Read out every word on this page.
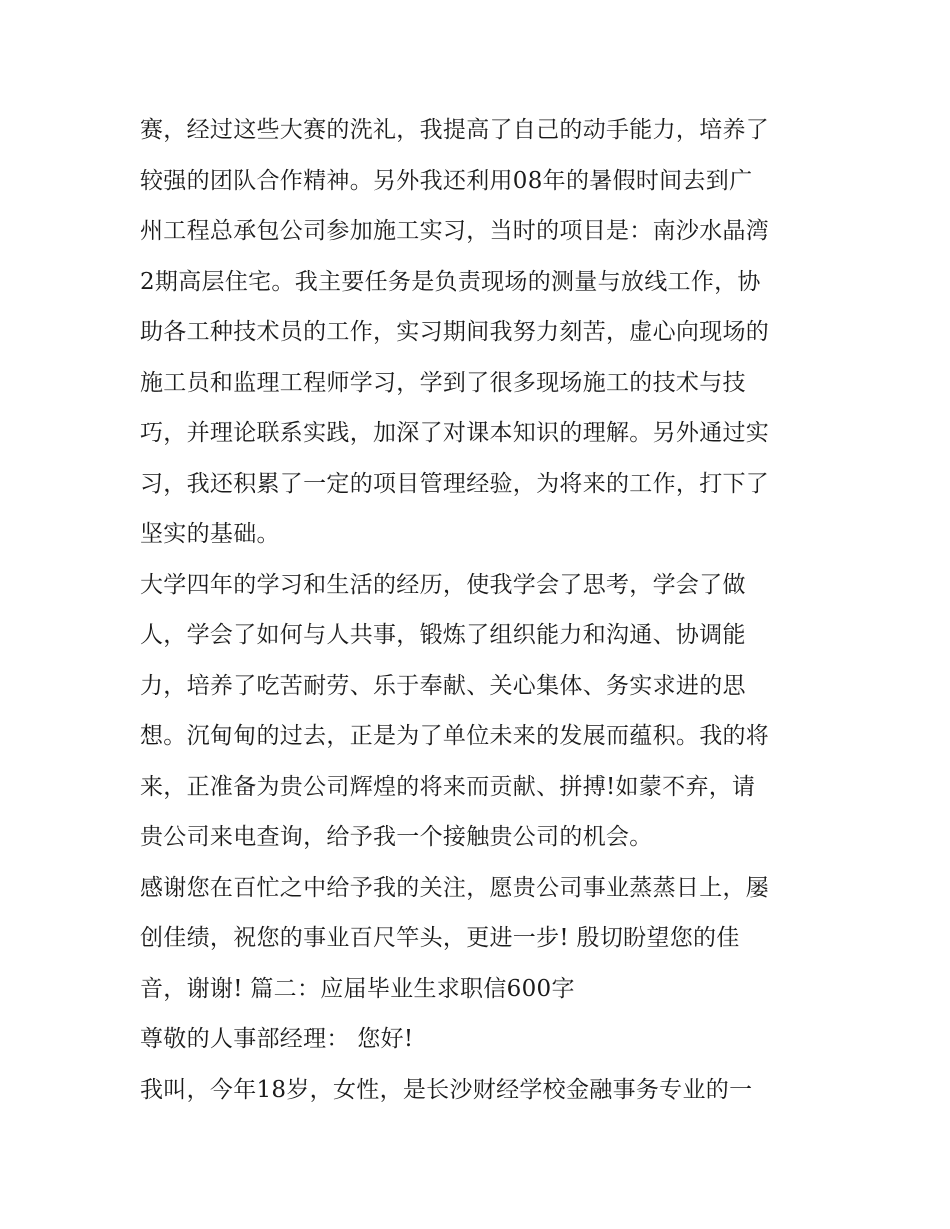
赛，经过这些大赛的洗礼，我提高了自己的动手能力，培养了
较强的团队合作精神。另外我还利用08年的暑假时间去到广
州工程总承包公司参加施工实习，当时的项目是：南沙水晶湾
2期高层住宅。我主要任务是负责现场的测量与放线工作，协
助各工种技术员的工作，实习期间我努力刻苦，虚心向现场的
施工员和监理工程师学习，学到了很多现场施工的技术与技
巧，并理论联系实践，加深了对课本知识的理解。另外通过实
习，我还积累了一定的项目管理经验，为将来的工作，打下了
坚实的基础。
大学四年的学习和生活的经历，使我学会了思考，学会了做
人，学会了如何与人共事，锻炼了组织能力和沟通、协调能
力，培养了吃苦耐劳、乐于奉献、关心集体、务实求进的思
想。沉甸甸的过去，正是为了单位未来的发展而蕴积。我的将
来，正准备为贵公司辉煌的将来而贡献、拼搏!如蒙不弃，请
贵公司来电查询，给予我一个接触贵公司的机会。
感谢您在百忙之中给予我的关注，愿贵公司事业蒸蒸日上，屡
创佳绩，祝您的事业百尺竿头，更进一步! 殷切盼望您的佳
音，谢谢! 篇二：应届毕业生求职信600字
尊敬的人事部经理： 您好!
我叫，今年18岁，女性，是长沙财经学校金融事务专业的一
